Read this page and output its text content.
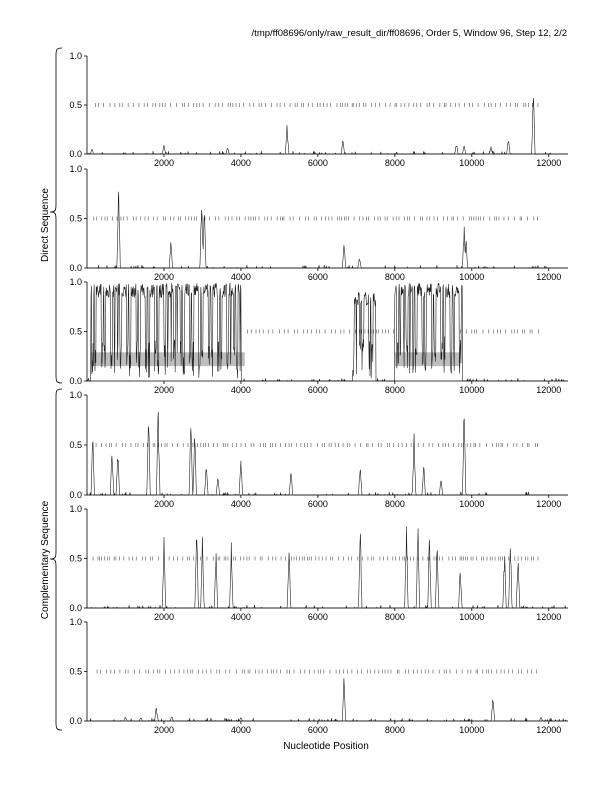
/tmp/ff08696/only/raw_result_dir/ff08696, Order 5, Window 96, Step 12, 2/2
0.0
0.5
1.0
2000	4000	6000	8000	10000	12000
0.0
0.5
1.0
2000	4000	6000	8000	10000	12000
0.0
0.5
1.0
2000	4000	6000	8000	10000	12000
0.0
0.5
1.0
2000	4000	6000	8000	10000	12000
0.0
0.5
1.0
2000	4000	6000	8000	10000	12000
0.0
0.5
1.0
2000	4000	6000	8000	10000	12000
Direct Sequence
Complementary Sequence
Nucleotide Position
